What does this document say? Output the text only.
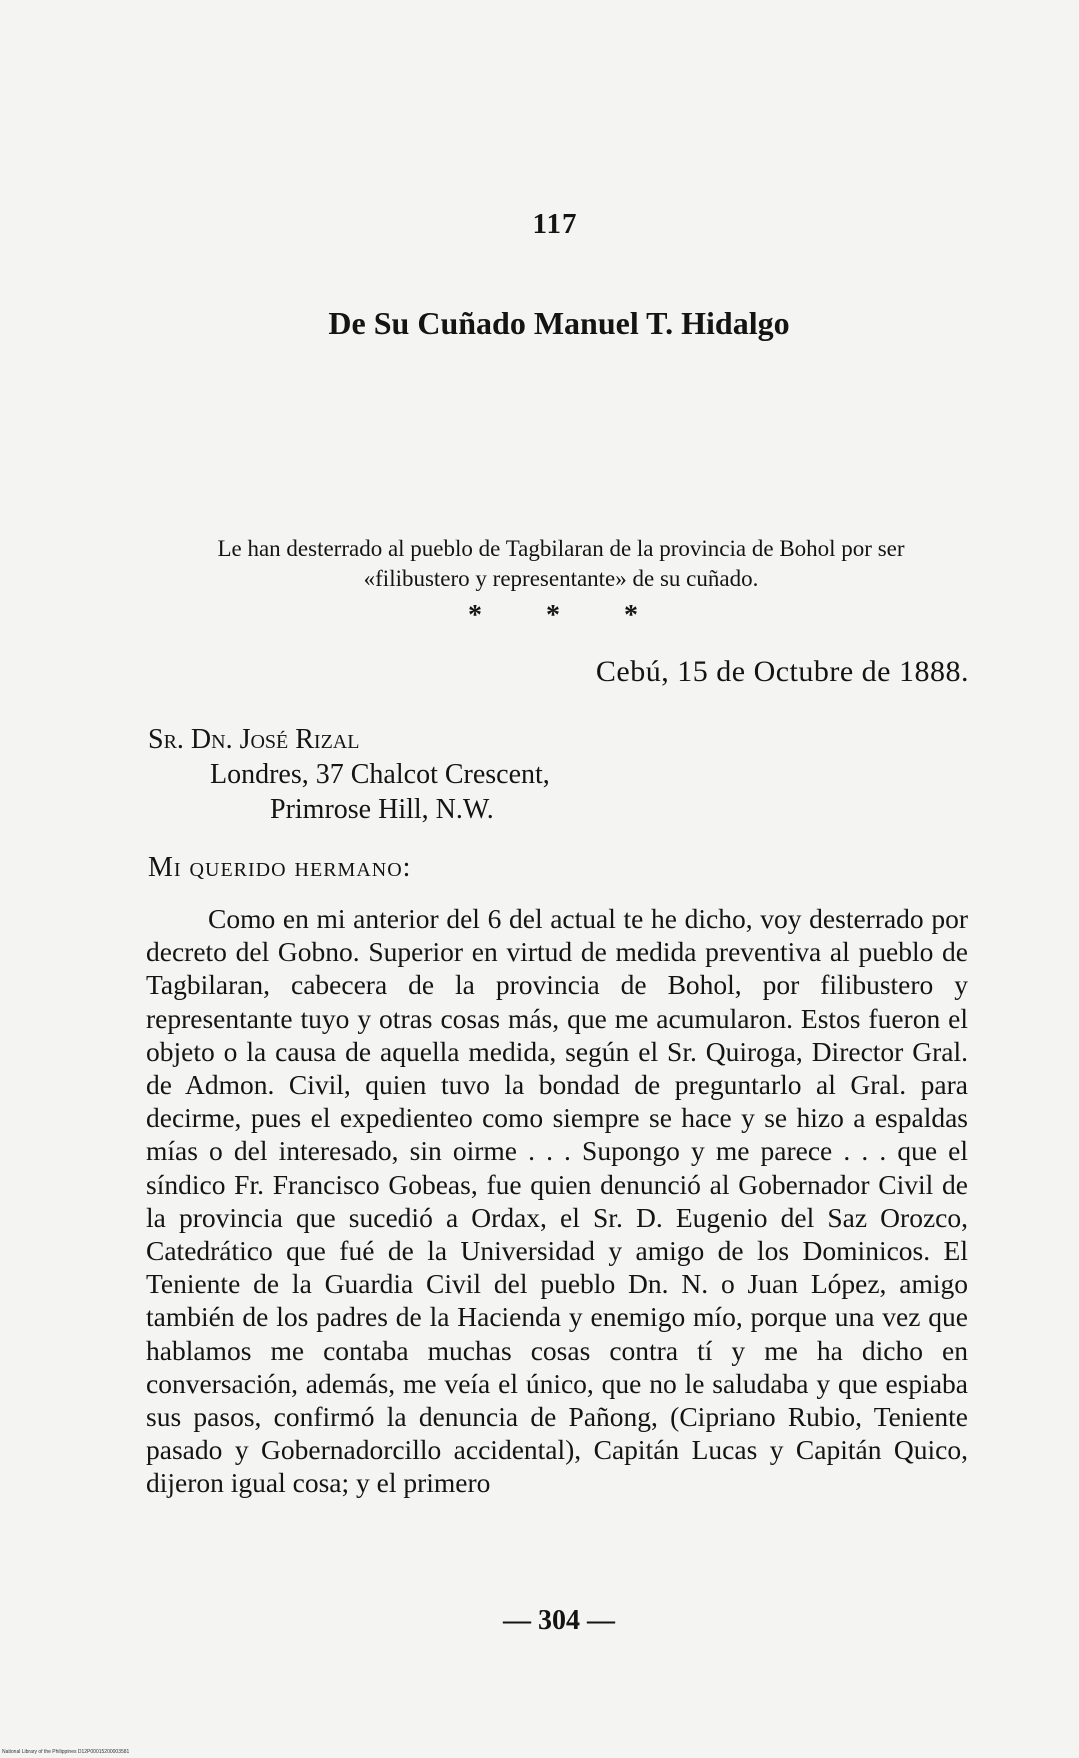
117
De Su Cuñado Manuel T. Hidalgo
Le han desterrado al pueblo de Tagbilaran de la provincia de Bohol por ser «filibustero y representante» de su cuñado.
* * *
Cebú, 15 de Octubre de 1888.
Sr. Dn. José Rizal
Londres, 37 Chalcot Crescent,
Primrose Hill, N.W.
Mi querido hermano:
Como en mi anterior del 6 del actual te he dicho, voy desterrado por decreto del Gobno. Superior en virtud de medida preventiva al pueblo de Tagbilaran, cabecera de la provincia de Bohol, por filibustero y representante tuyo y otras cosas más, que me acumularon. Estos fueron el objeto o la causa de aquella medida, según el Sr. Quiroga, Director Gral. de Admon. Civil, quien tuvo la bondad de preguntarlo al Gral. para decirme, pues el expedienteo como siempre se hace y se hizo a espaldas mías o del interesado, sin oirme . . . Supongo y me parece . . . que el síndico Fr. Francisco Gobeas, fue quien denunció al Gobernador Civil de la provincia que sucedió a Ordax, el Sr. D. Eugenio del Saz Orozco, Catedrático que fué de la Universidad y amigo de los Dominicos. El Teniente de la Guardia Civil del pueblo Dn. N. o Juan López, amigo también de los padres de la Hacienda y enemigo mío, porque una vez que hablamos me contaba muchas cosas contra tí y me ha dicho en conversación, además, me veía el único, que no le saludaba y que espiaba sus pasos, confirmó la denuncia de Pañong, (Cipriano Rubio, Teniente pasado y Gobernadorcillo accidental), Capitán Lucas y Capitán Quico, dijeron igual cosa; y el primero
— 304 —
National Library of the Philippines D12P00015200003581
